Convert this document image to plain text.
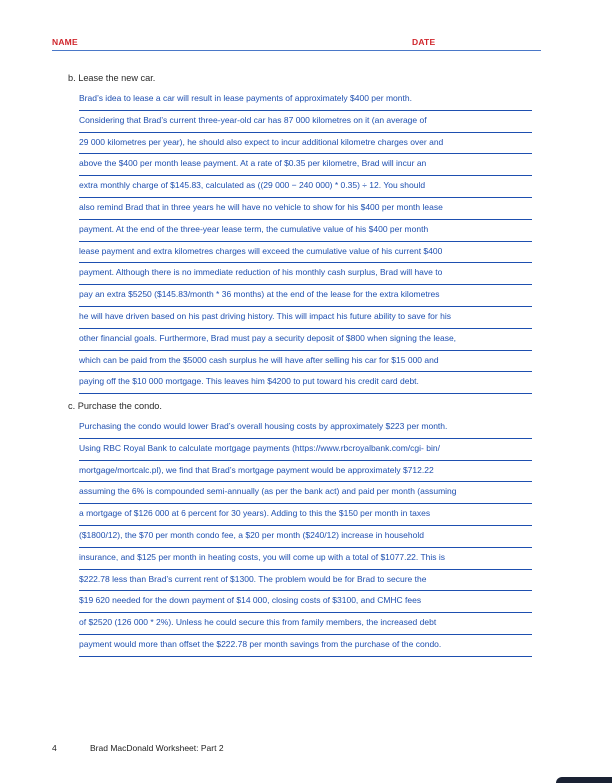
NAME	DATE
b. Lease the new car.
Brad’s idea to lease a car will result in lease payments of approximately $400 per month.
Considering that Brad’s current three-year-old car has 87 000 kilometres on it (an average of
29 000 kilometres per year), he should also expect to incur additional kilometre charges over and
above the $400 per month lease payment. At a rate of $0.35 per kilometre, Brad will incur an
extra monthly charge of $145.83, calculated as ((29 000 − 240 000) * 0.35) ÷ 12. You should
also remind Brad that in three years he will have no vehicle to show for his $400 per month lease
payment. At the end of the three-year lease term, the cumulative value of his $400 per month
lease payment and extra kilometres charges will exceed the cumulative value of his current $400
payment. Although there is no immediate reduction of his monthly cash surplus, Brad will have to
pay an extra $5250 ($145.83/month * 36 months) at the end of the lease for the extra kilometres
he will have driven based on his past driving history. This will impact his future ability to save for his
other financial goals. Furthermore, Brad must pay a security deposit of $800 when signing the lease,
which can be paid from the $5000 cash surplus he will have after selling his car for $15 000 and
paying off the $10 000 mortgage. This leaves him $4200 to put toward his credit card debt.
c. Purchase the condo.
Purchasing the condo would lower Brad’s overall housing costs by approximately $223 per month.
Using RBC Royal Bank to calculate mortgage payments (https://www.rbcroyalbank.com/cgi- bin/
mortgage/mortcalc.pl), we find that Brad’s mortgage payment would be approximately $712.22
assuming the 6% is compounded semi-annually (as per the bank act) and paid per month (assuming
a mortgage of $126 000 at 6 percent for 30 years). Adding to this the $150 per month in taxes
($1800/12), the $70 per month condo fee, a $20 per month ($240/12) increase in household
insurance, and $125 per month in heating costs, you will come up with a total of $1077.22. This is
$222.78 less than Brad’s current rent of $1300. The problem would be for Brad to secure the
$19 620 needed for the down payment of $14 000, closing costs of $3100, and CMHC fees
of $2520 (126 000 * 2%). Unless he could secure this from family members, the increased debt
payment would more than offset the $222.78 per month savings from the purchase of the condo.
4	Brad MacDonald Worksheet: Part 2
